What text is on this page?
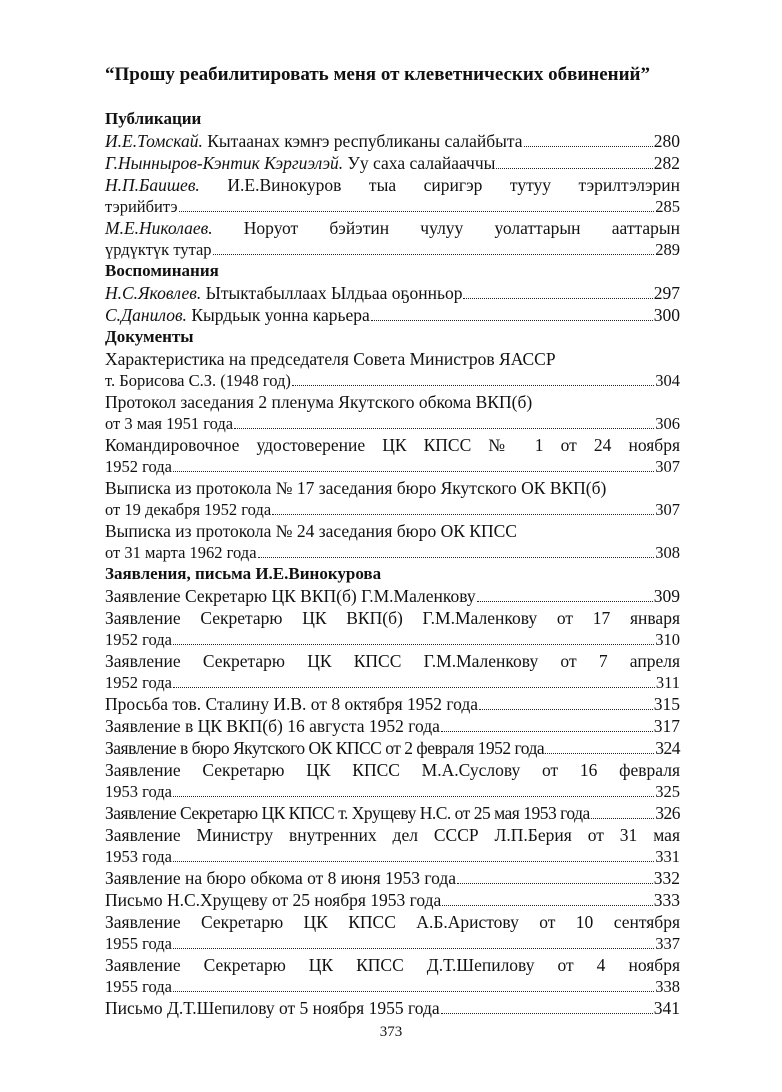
“Прошу реабилитировать меня от клеветнических обвинений”
Публикации
И.Е.Томскай. Кытаанах кэмҥэ республиканы салайбыта	280
Г.Нынныров-Кэнтик Кэргиэлэй. Уу саха салайааччы	282
Н.П.Баишев. И.Е.Винокуров тыа сиригэр тутуу тэрилтэлэрин
тэрийбитэ	285
М.Е.Николаев. Норуот бэйэтин чулуу уолаттарын ааттарын
үрдүктүк тутар	289
Воспоминания
Н.С.Яковлев. Ытыктабыллаах Ылдьаа оҕонньор	297
С.Данилов. Кырдьык уонна карьера	300
Документы
Характеристика на председателя Совета Министров ЯАССР
т. Борисова С.З. (1948 год)	304
Протокол заседания 2 пленума Якутского обкома ВКП(б)
от 3 мая 1951 года	306
Командировочное удостоверение ЦК КПСС № 1 от 24 ноября
1952 года	307
Выписка из протокола № 17 заседания бюро Якутского ОК ВКП(б)
от 19 декабря 1952 года	307
Выписка из протокола № 24 заседания бюро ОК КПСС
от 31 марта 1962 года	308
Заявления, письма И.Е.Винокурова
Заявление Секретарю ЦК ВКП(б) Г.М.Маленкову	309
Заявление Секретарю ЦК ВКП(б) Г.М.Маленкову от 17 января
1952 года	310
Заявление Секретарю ЦК КПСС Г.М.Маленкову от 7 апреля
1952 года	311
Просьба тов. Сталину И.В. от 8 октября 1952 года	315
Заявление в ЦК ВКП(б) 16 августа 1952 года	317
Заявление в бюро Якутского ОК КПСС от 2 февраля 1952 года	324
Заявление Секретарю ЦК КПСС М.А.Суслову от 16 февраля
1953 года	325
Заявление Секретарю ЦК КПСС т. Хрущеву Н.С. от 25 мая 1953 года	326
Заявление Министру внутренних дел СССР Л.П.Берия от 31 мая
1953 года	331
Заявление на бюро обкома от 8 июня 1953 года	332
Письмо Н.С.Хрущеву от 25 ноября 1953 года	333
Заявление Секретарю ЦК КПСС А.Б.Аристову от 10 сентября
1955 года	337
Заявление Секретарю ЦК КПСС Д.Т.Шепилову от 4 ноября
1955 года	338
Письмо Д.Т.Шепилову от 5 ноября 1955 года	341
373
